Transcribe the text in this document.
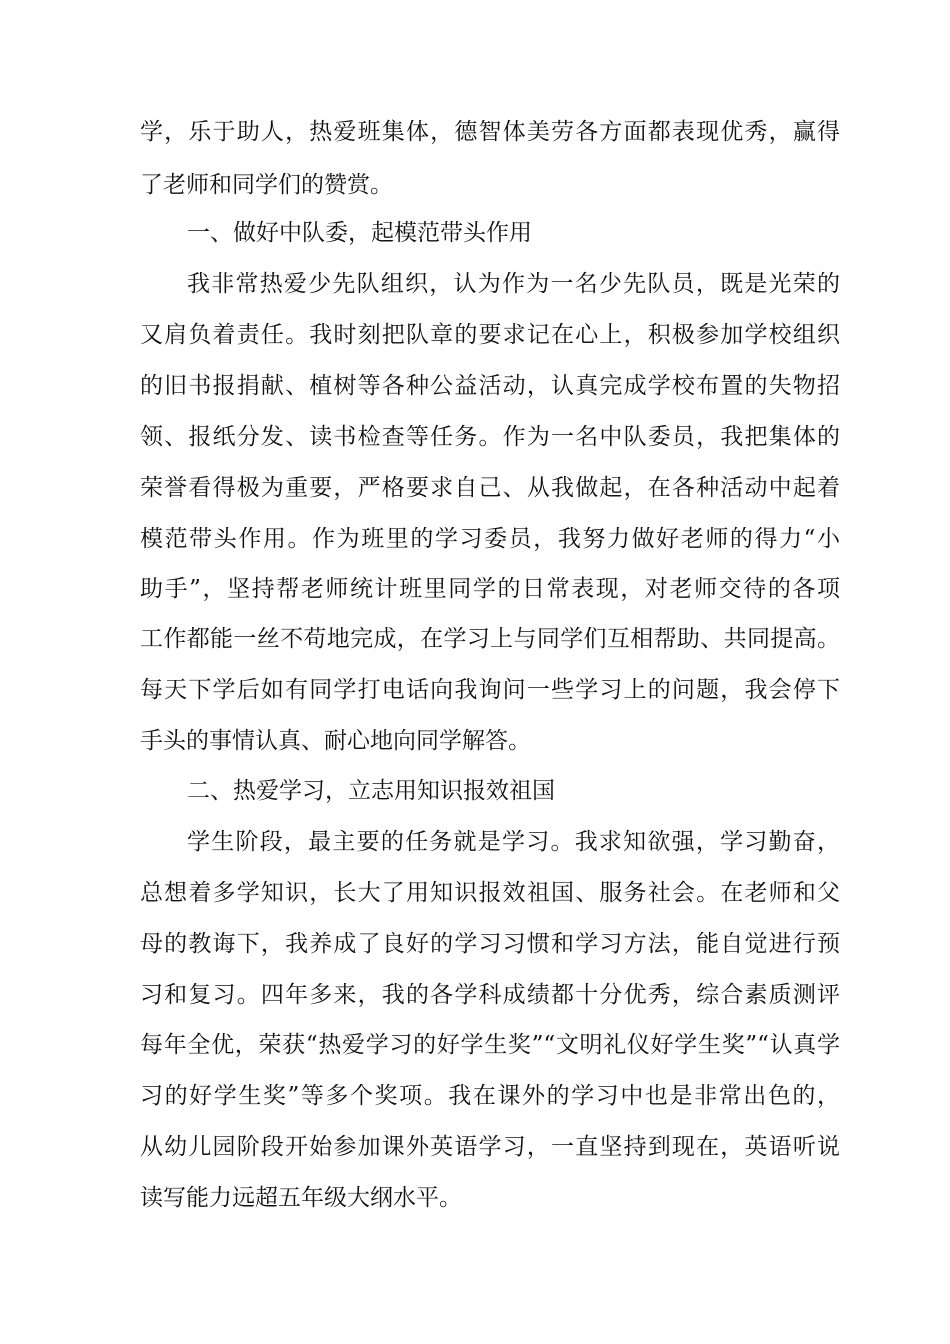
学，乐于助人，热爱班集体，德智体美劳各方面都表现优秀，赢得
了老师和同学们的赞赏。
一、做好中队委，起模范带头作用
我非常热爱少先队组织，认为作为一名少先队员，既是光荣的
又肩负着责任。我时刻把队章的要求记在心上，积极参加学校组织
的旧书报捐献、植树等各种公益活动，认真完成学校布置的失物招
领、报纸分发、读书检查等任务。作为一名中队委员，我把集体的
荣誉看得极为重要，严格要求自己、从我做起，在各种活动中起着
模范带头作用。作为班里的学习委员，我努力做好老师的得力“小
助手”，坚持帮老师统计班里同学的日常表现，对老师交待的各项
工作都能一丝不苟地完成，在学习上与同学们互相帮助、共同提高。
每天下学后如有同学打电话向我询问一些学习上的问题，我会停下
手头的事情认真、耐心地向同学解答。
二、热爱学习，立志用知识报效祖国
学生阶段，最主要的任务就是学习。我求知欲强，学习勤奋，
总想着多学知识，长大了用知识报效祖国、服务社会。在老师和父
母的教诲下，我养成了良好的学习习惯和学习方法，能自觉进行预
习和复习。四年多来，我的各学科成绩都十分优秀，综合素质测评
每年全优，荣获“热爱学习的好学生奖”“文明礼仪好学生奖”“认真学
习的好学生奖”等多个奖项。我在课外的学习中也是非常出色的，
从幼儿园阶段开始参加课外英语学习，一直坚持到现在，英语听说
读写能力远超五年级大纲水平。
